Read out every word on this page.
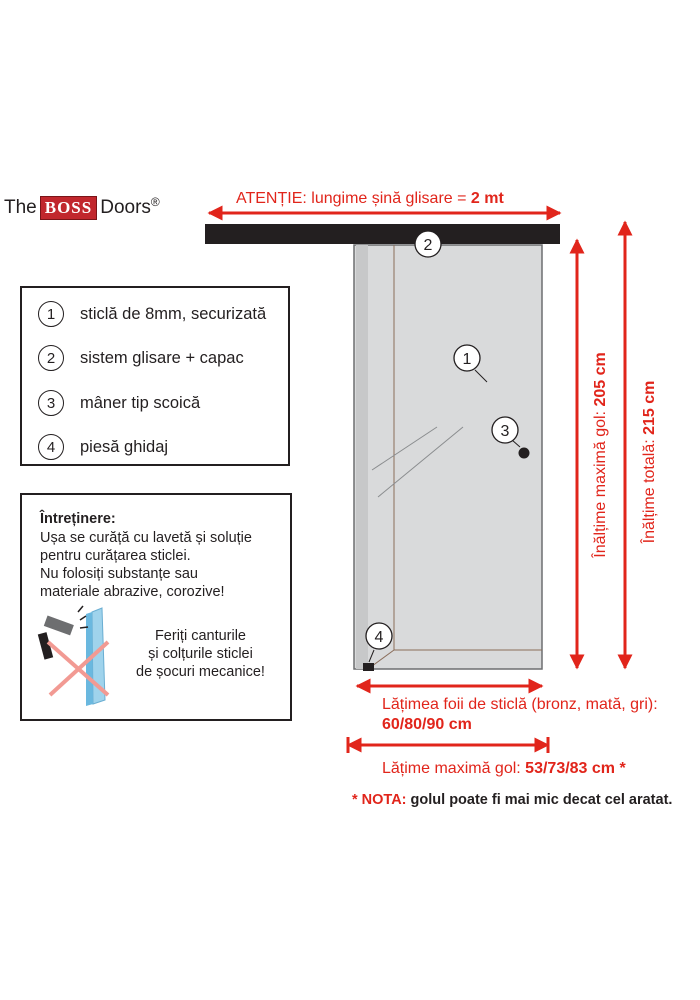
The BOSS Doors ®
2
1
3
4
Înălțime maximă gol: 205 cm
Înălțime totală: 215 cm
ATENȚIE: lungime șină glisare = 2 mt
1	sticlă de 8mm, securizată
2	sistem glisare + capac
3	mâner tip scoică
4	piesă ghidaj
Întreținere:
Ușa se curăță cu lavetă și soluție
pentru curățarea sticlei.
Nu folosiți substanțe sau
materiale abrazive, corozive!
Feriți canturile
și colțurile sticlei
de șocuri mecanice!
Lățimea foii de sticlă (bronz, mată, gri):
60/80/90 cm
Lățime maximă gol: 53/73/83 cm *
* NOTA: golul poate fi mai mic decat cel aratat.
